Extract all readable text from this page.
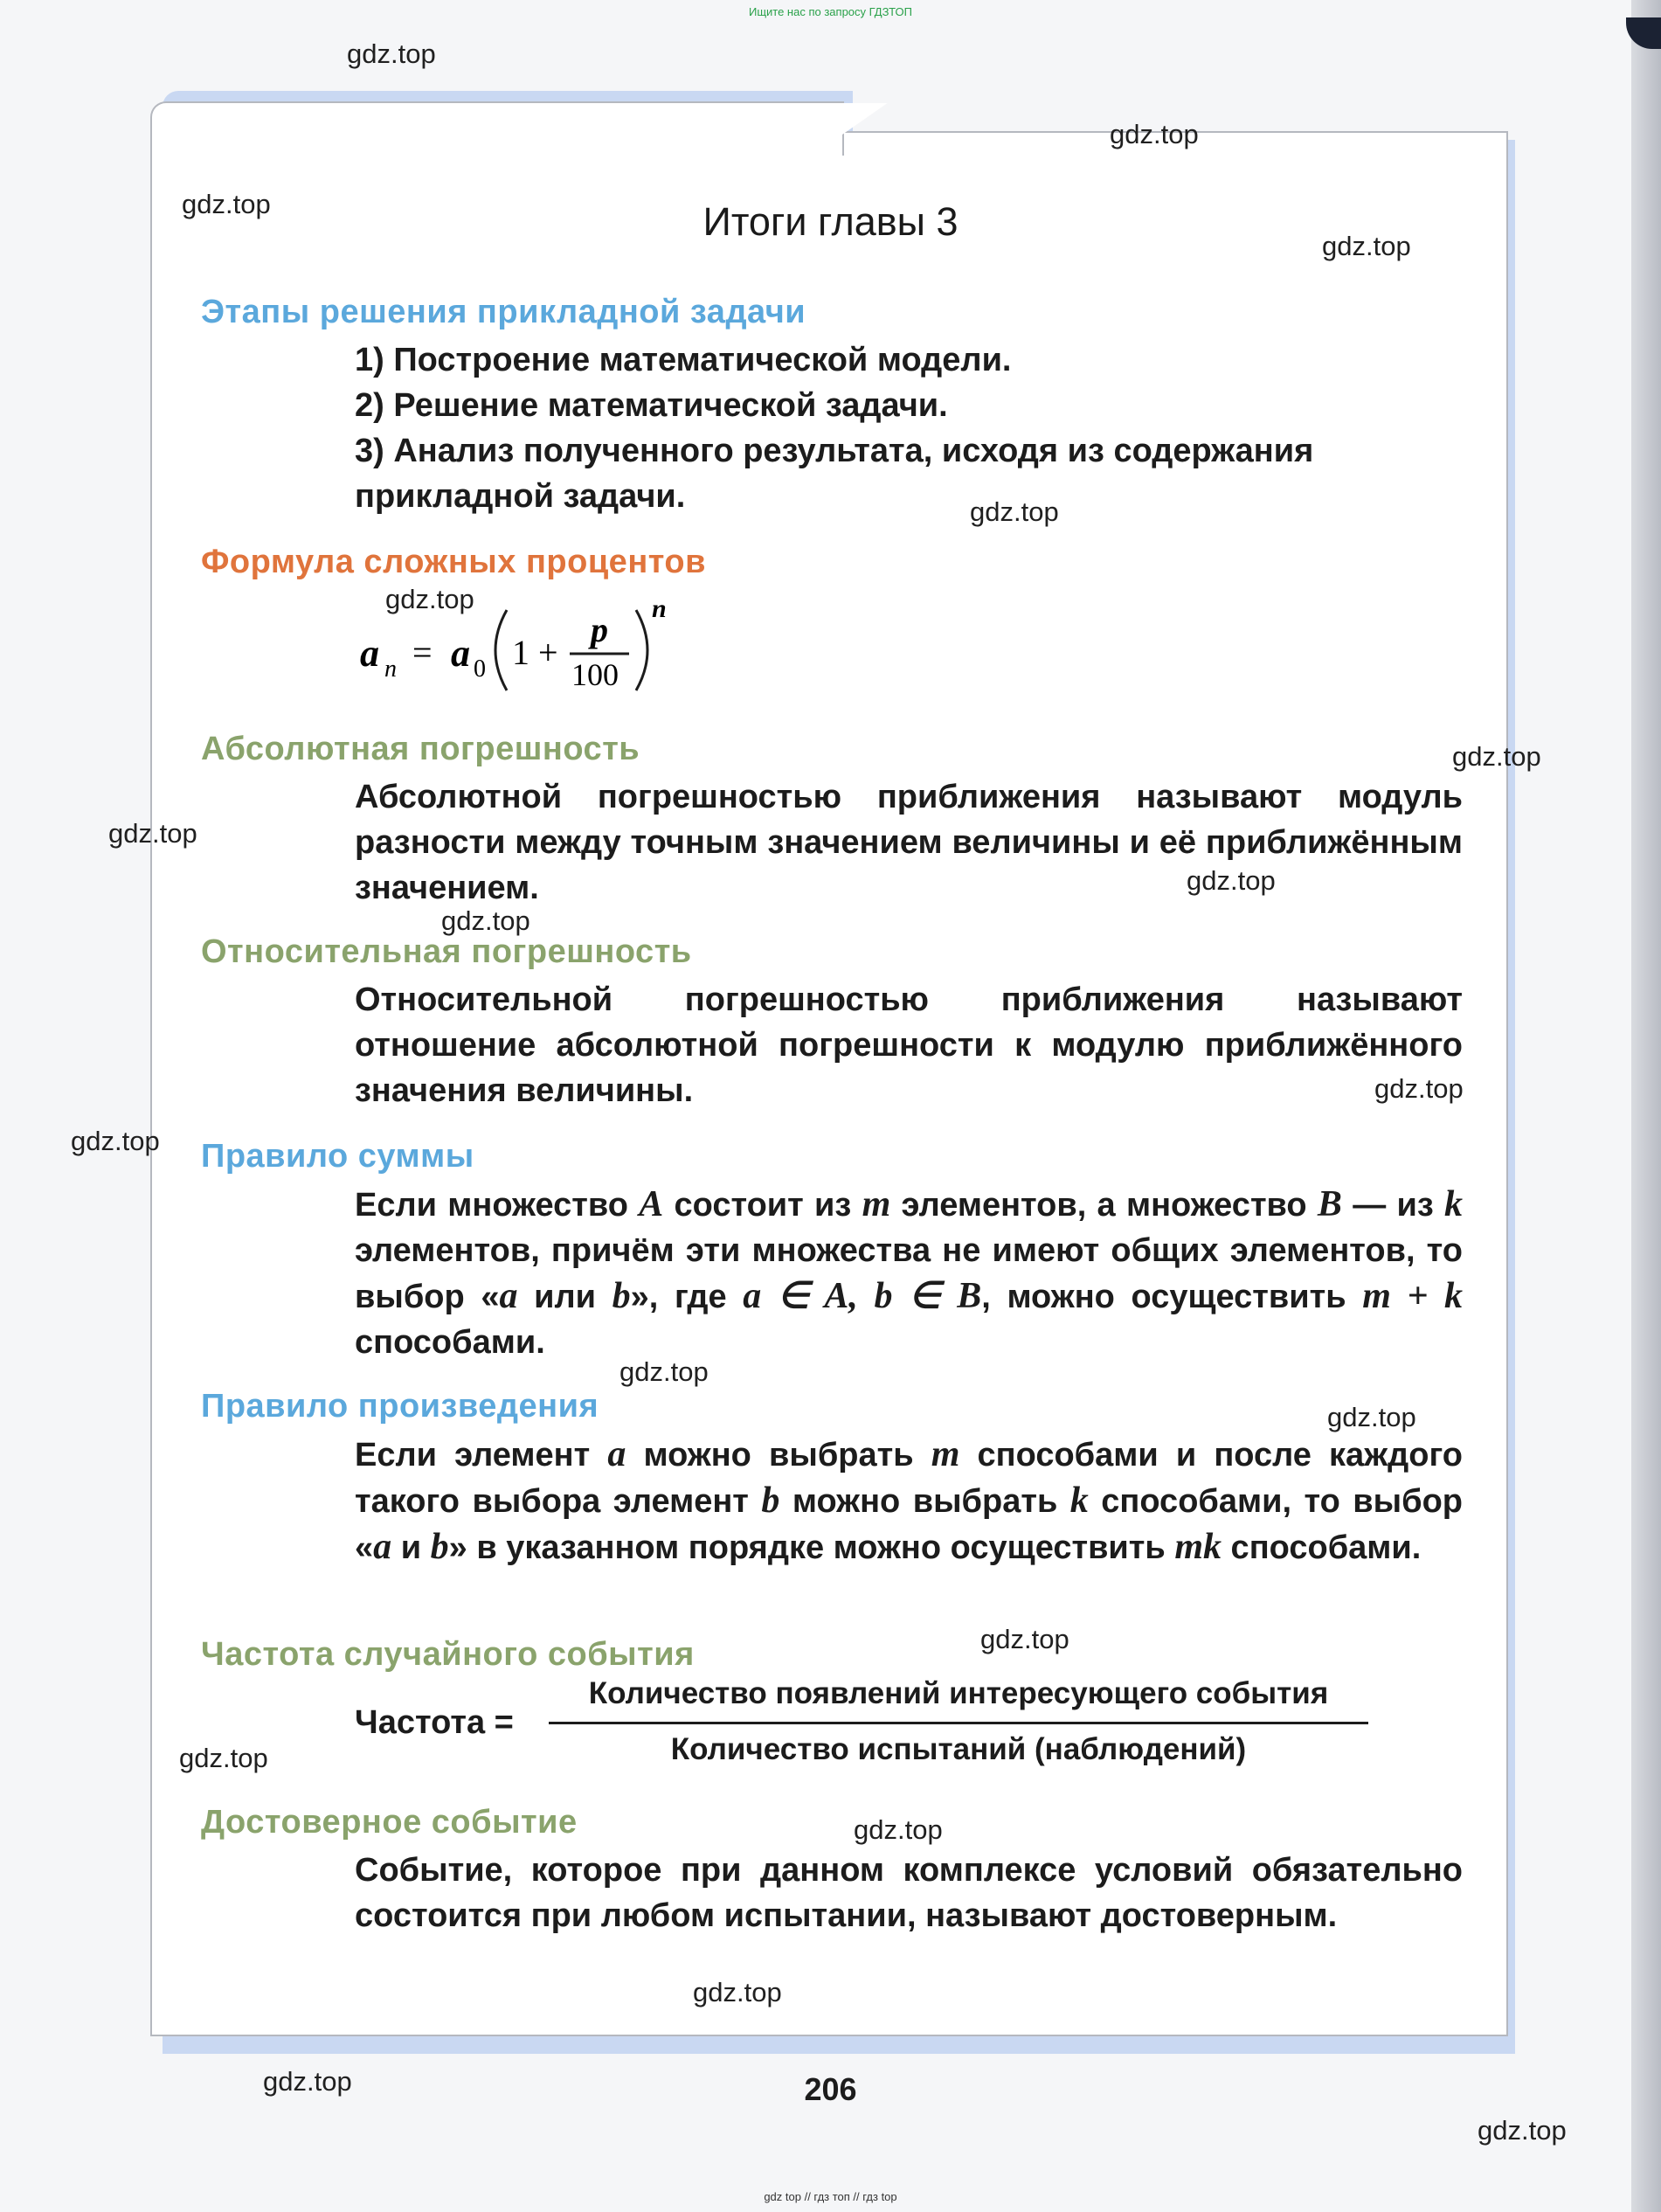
Ищите нас по запросу ГДЗТОП
Итоги главы 3
Этапы решения прикладной задачи
1) Построение математической модели.
2) Решение математической задачи.
3) Анализ полученного результата, исходя из содержания
прикладной задачи.
Формула сложных процентов
a n = a 0 1 +
p
100
n
Абсолютная погрешность
Абсолютной погрешностью приближения называют модуль разности между точным значением величины и её приближённым значением.
Относительная погрешность
Относительной погрешностью приближения называют отношение абсолютной погрешности к модулю приближённого значения величины.
Правило суммы
Если множество A состоит из m элементов, а множество B — из k элементов, причём эти множества не имеют общих элементов, то выбор «a или b», где a ∈ A, b ∈ B, можно осуществить m + k способами.
Правило произведения
Если элемент a можно выбрать m способами и после каждого такого выбора элемент b можно выбрать k способами, то выбор «a и b» в указанном порядке можно осуществить mk способами.
Частота случайного события
Частота =
Количество появлений интересующего события
Количество испытаний (наблюдений)
Достоверное событие
Событие, которое при данном комплексе условий обязательно состоится при любом испытании, называют достоверным.
206
gdz.top
gdz.top
gdz.top
gdz.top
gdz.top
gdz.top
gdz.top
gdz.top
gdz.top
gdz.top
gdz.top
gdz.top
gdz.top
gdz.top
gdz.top
gdz.top
gdz.top
gdz.top
gdz.top
gdz.top
gdz top // гдз топ // гдз top
